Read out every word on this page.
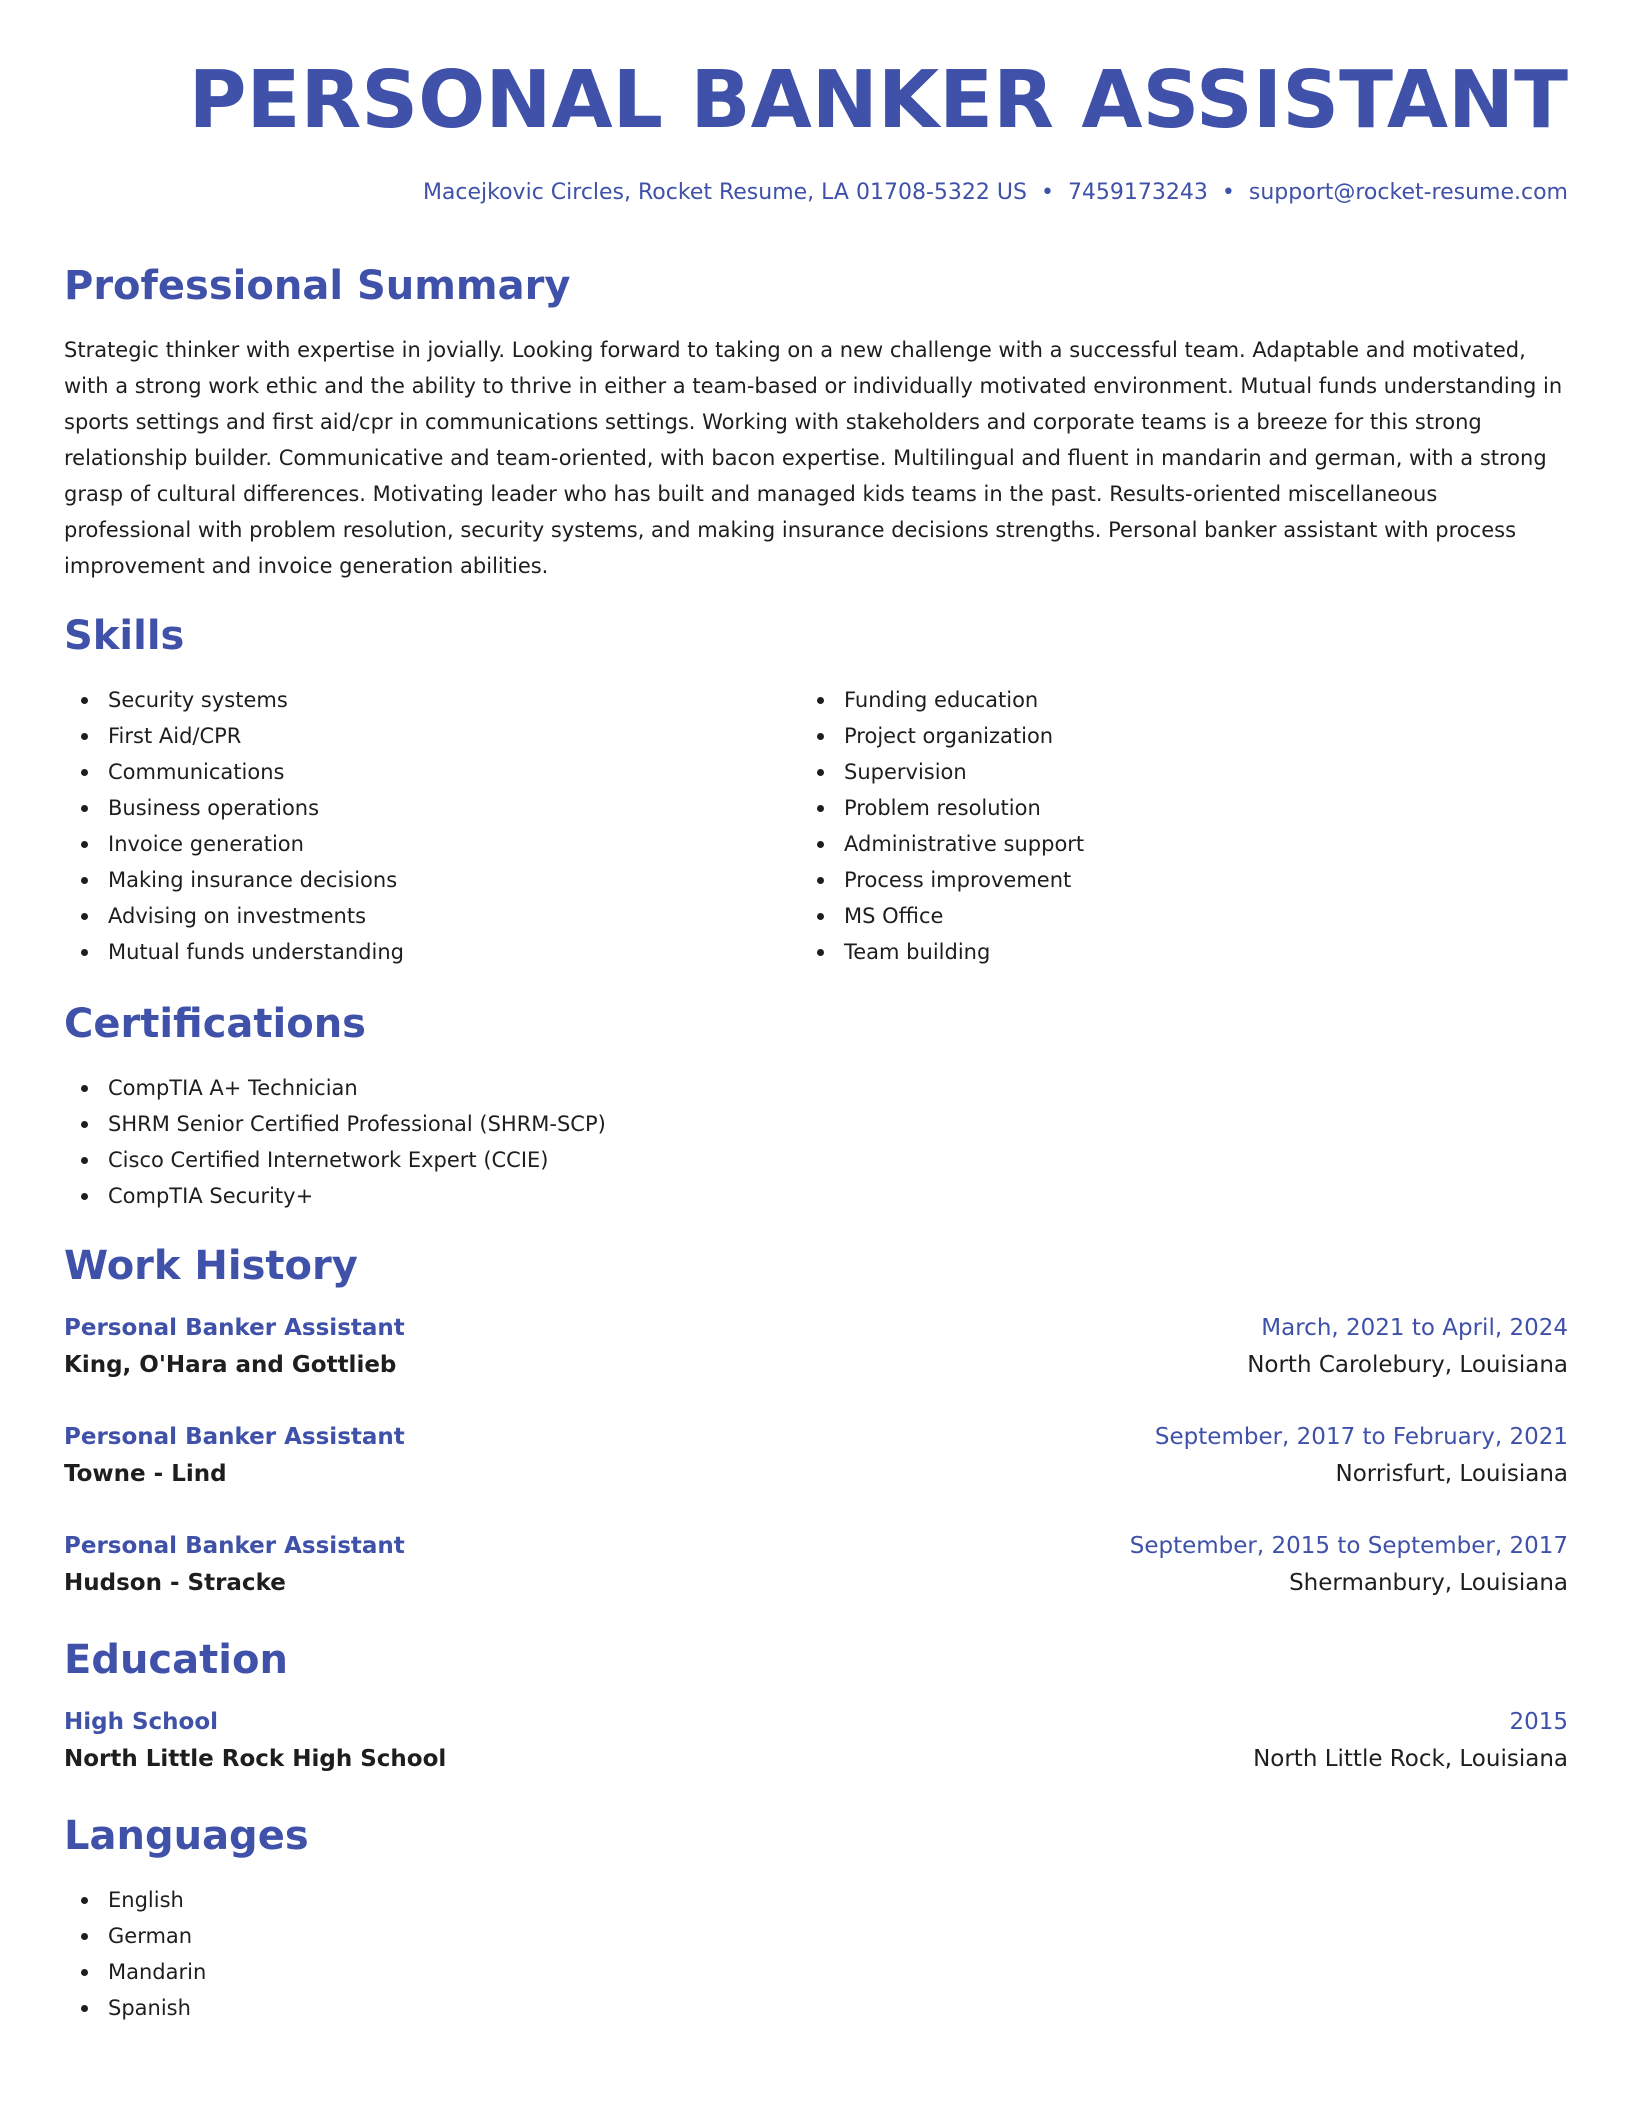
PERSONAL BANKER ASSISTANT
Macejkovic Circles, Rocket Resume, LA 01708-5322 US • 7459173243 • support@rocket-resume.com
Professional Summary

Strategic thinker with expertise in jovially. Looking forward to taking on a new challenge with a successful team. Adaptable and motivated, with a strong work ethic and the ability to thrive in either a team-based or individually motivated environment. Mutual funds understanding in sports settings and first aid/cpr in communications settings. Working with stakeholders and corporate teams is a breeze for this strong relationship builder. Communicative and team-oriented, with bacon expertise. Multilingual and fluent in mandarin and german, with a strong grasp of cultural differences. Motivating leader who has built and managed kids teams in the past. Results-oriented miscellaneous professional with problem resolution, security systems, and making insurance decisions strengths. Personal banker assistant with process improvement and invoice generation abilities.

Skills
Security systems
First Aid/CPR
Communications
Business operations
Invoice generation
Making insurance decisions
Advising on investments
Mutual funds understanding
Funding education
Project organization
Supervision
Problem resolution
Administrative support
Process improvement
MS Office
Team building
Certifications
CompTIA A+ Technician
SHRM Senior Certified Professional (SHRM-SCP)
Cisco Certified Internetwork Expert (CCIE)
CompTIA Security+
Work History
Personal Banker Assistant	March, 2021 to April, 2024
King, O'Hara and Gottlieb	North Carolebury, Louisiana
Personal Banker Assistant	September, 2017 to February, 2021
Towne - Lind	Norrisfurt, Louisiana
Personal Banker Assistant	September, 2015 to September, 2017
Hudson - Stracke	Shermanbury, Louisiana
Education
High School	2015
North Little Rock High School	North Little Rock, Louisiana
Languages
English
German
Mandarin
Spanish
